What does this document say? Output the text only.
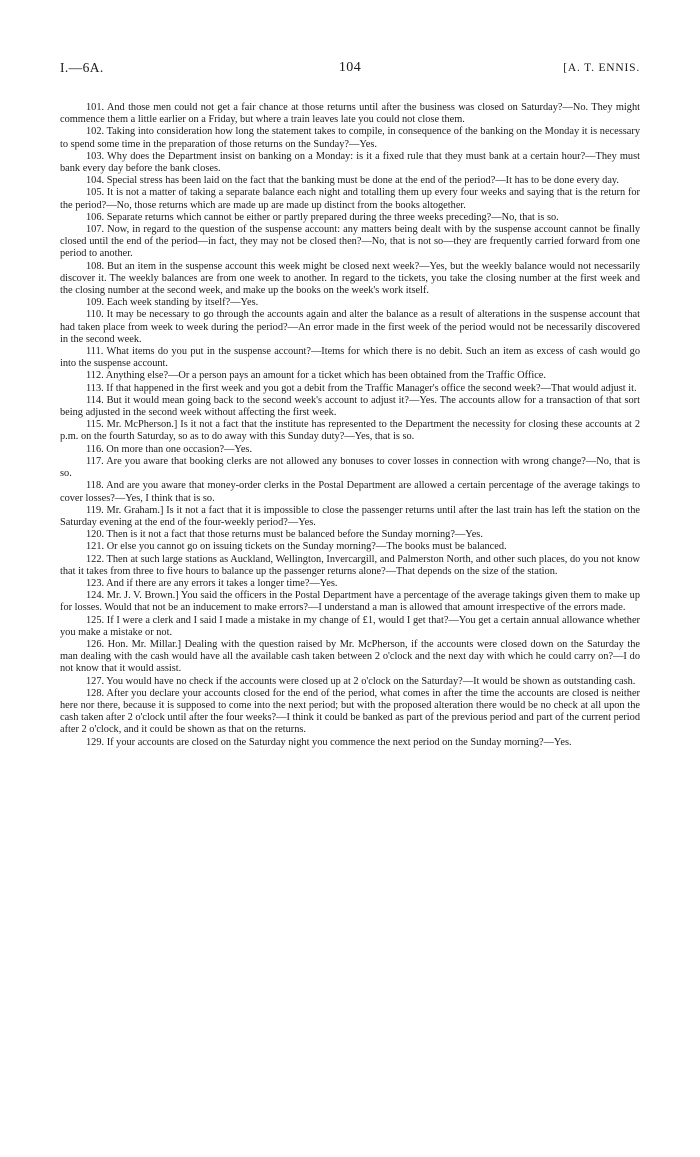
I.—6A.	104	[A. T. ENNIS.

101. And those men could not get a fair chance at those returns until after the business was closed on Saturday?—No. They might commence them a little earlier on a Friday, but where a train leaves late you could not close them.

102. Taking into consideration how long the statement takes to compile, in consequence of the banking on the Monday it is necessary to spend some time in the preparation of those returns on the Sunday?—Yes.

103. Why does the Department insist on banking on a Monday: is it a fixed rule that they must bank at a certain hour?—They must bank every day before the bank closes.

104. Special stress has been laid on the fact that the banking must be done at the end of the period?—It has to be done every day.

105. It is not a matter of taking a separate balance each night and totalling them up every four weeks and saying that is the return for the period?—No, those returns which are made up are made up distinct from the books altogether.

106. Separate returns which cannot be either or partly prepared during the three weeks preceding?—No, that is so.

107. Now, in regard to the question of the suspense account: any matters being dealt with by the suspense account cannot be finally closed until the end of the period—in fact, they may not be closed then?—No, that is not so—they are frequently carried forward from one period to another.

108. But an item in the suspense account this week might be closed next week?—Yes, but the weekly balance would not necessarily discover it. The weekly balances are from one week to another. In regard to the tickets, you take the closing number at the first week and the closing number at the second week, and make up the books on the week's work itself.

109. Each week standing by itself?—Yes.

110. It may be necessary to go through the accounts again and alter the balance as a result of alterations in the suspense account that had taken place from week to week during the period?—An error made in the first week of the period would not be necessarily discovered in the second week.

111. What items do you put in the suspense account?—Items for which there is no debit. Such an item as excess of cash would go into the suspense account.

112. Anything else?—Or a person pays an amount for a ticket which has been obtained from the Traffic Office.

113. If that happened in the first week and you got a debit from the Traffic Manager's office the second week?—That would adjust it.

114. But it would mean going back to the second week's account to adjust it?—Yes. The accounts allow for a transaction of that sort being adjusted in the second week without affecting the first week.

115. Mr. McPherson.] Is it not a fact that the institute has represented to the Department the necessity for closing these accounts at 2 p.m. on the fourth Saturday, so as to do away with this Sunday duty?—Yes, that is so.

116. On more than one occasion?—Yes.

117. Are you aware that booking clerks are not allowed any bonuses to cover losses in connection with wrong change?—No, that is so.

118. And are you aware that money-order clerks in the Postal Department are allowed a certain percentage of the average takings to cover losses?—Yes, I think that is so.

119. Mr. Graham.] Is it not a fact that it is impossible to close the passenger returns until after the last train has left the station on the Saturday evening at the end of the four-weekly period?—Yes.

120. Then is it not a fact that those returns must be balanced before the Sunday morning?—Yes.

121. Or else you cannot go on issuing tickets on the Sunday morning?—The books must be balanced.

122. Then at such large stations as Auckland, Wellington, Invercargill, and Palmerston North, and other such places, do you not know that it takes from three to five hours to balance up the passenger returns alone?—That depends on the size of the station.

123. And if there are any errors it takes a longer time?—Yes.

124. Mr. J. V. Brown.] You said the officers in the Postal Department have a percentage of the average takings given them to make up for losses. Would that not be an inducement to make errors?—I understand a man is allowed that amount irrespective of the errors made.

125. If I were a clerk and I said I made a mistake in my change of £1, would I get that?—You get a certain annual allowance whether you make a mistake or not.

126. Hon. Mr. Millar.] Dealing with the question raised by Mr. McPherson, if the accounts were closed down on the Saturday the man dealing with the cash would have all the available cash taken between 2 o'clock and the next day with which he could carry on?—I do not know that it would assist.

127. You would have no check if the accounts were closed up at 2 o'clock on the Saturday?—It would be shown as outstanding cash.

128. After you declare your accounts closed for the end of the period, what comes in after the time the accounts are closed is neither here nor there, because it is supposed to come into the next period; but with the proposed alteration there would be no check at all upon the cash taken after 2 o'clock until after the four weeks?—I think it could be banked as part of the previous period and part of the current period after 2 o'clock, and it could be shown as that on the returns.

129. If your accounts are closed on the Saturday night you commence the next period on the Sunday morning?—Yes.
